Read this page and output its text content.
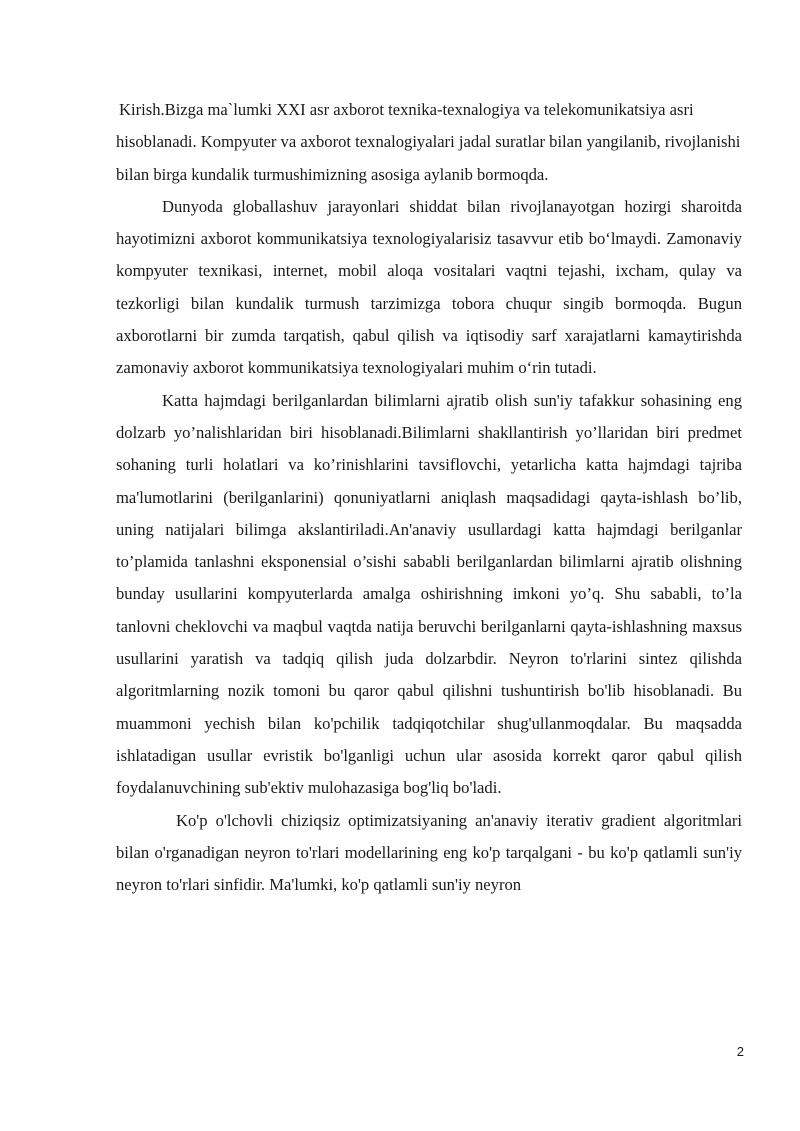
Kirish.Bizga ma`lumki XXI asr axborot texnika-texnalogiya va telekomunikatsiya asri hisoblanadi. Kompyuter va axborot texnalogiyalari jadal suratlar bilan yangilanib, rivojlanishi bilan birga kundalik turmushimizning asosiga aylanib bormoqda.

Dunyoda globallashuv jarayonlari shiddat bilan rivojlanayotgan hozirgi sharoitda hayotimizni axborot kommunikatsiya texnologiyalarisiz tasavvur etib boʻlmaydi. Zamonaviy kompyuter texnikasi, internet, mobil aloqa vositalari vaqtni tejashi, ixcham, qulay va tezkorligi bilan kundalik turmush tarzimizga tobora chuqur singib bormoqda. Bugun axborotlarni bir zumda tarqatish, qabul qilish va iqtisodiy sarf xarajatlarni kamaytirishda zamonaviy axborot kommunikatsiya texnologiyalari muhim oʻrin tutadi.

Katta hajmdagi berilganlardan bilimlarni ajratib olish sun'iy tafakkur sohasining eng dolzarb yo’nalishlaridan biri hisoblanadi.Bilimlarni shakllantirish yo’llaridan biri predmet sohaning turli holatlari va ko’rinishlarini tavsiflovchi, yetarlicha katta hajmdagi tajriba ma'lumotlarini (berilganlarini) qonuniyatlarni aniqlash maqsadidagi qayta-ishlash bo’lib, uning natijalari bilimga akslantiriladi.An'anaviy usullardagi katta hajmdagi berilganlar to’plamida tanlashni eksponensial o’sishi sababli berilganlardan bilimlarni ajratib olishning bunday usullarini kompyuterlarda amalga oshirishning imkoni yo’q. Shu sababli, to’la tanlovni cheklovchi va maqbul vaqtda natija beruvchi berilganlarni qayta-ishlashning maxsus usullarini yaratish va tadqiq qilish juda dolzarbdir. Neyron to'rlarini sintez qilishda algoritmlarning nozik tomoni bu qaror qabul qilishni tushuntirish bo'lib hisoblanadi. Bu muammoni yechish bilan ko'pchilik tadqiqotchilar shug'ullanmoqdalar. Bu maqsadda ishlatadigan usullar evristik bo'lganligi uchun ular asosida korrekt qaror qabul qilish foydalanuvchining sub'ektiv mulohazasiga bog'liq bo'ladi.

Ko'p o'lchovli chiziqsiz optimizatsiyaning an'anaviy iterativ gradient algoritmlari bilan o'rganadigan neyron to'rlari modellarining eng ko'p tarqalgani - bu ko'p qatlamli sun'iy neyron to'rlari sinfidir. Ma'lumki, ko'p qatlamli sun'iy neyron

2
